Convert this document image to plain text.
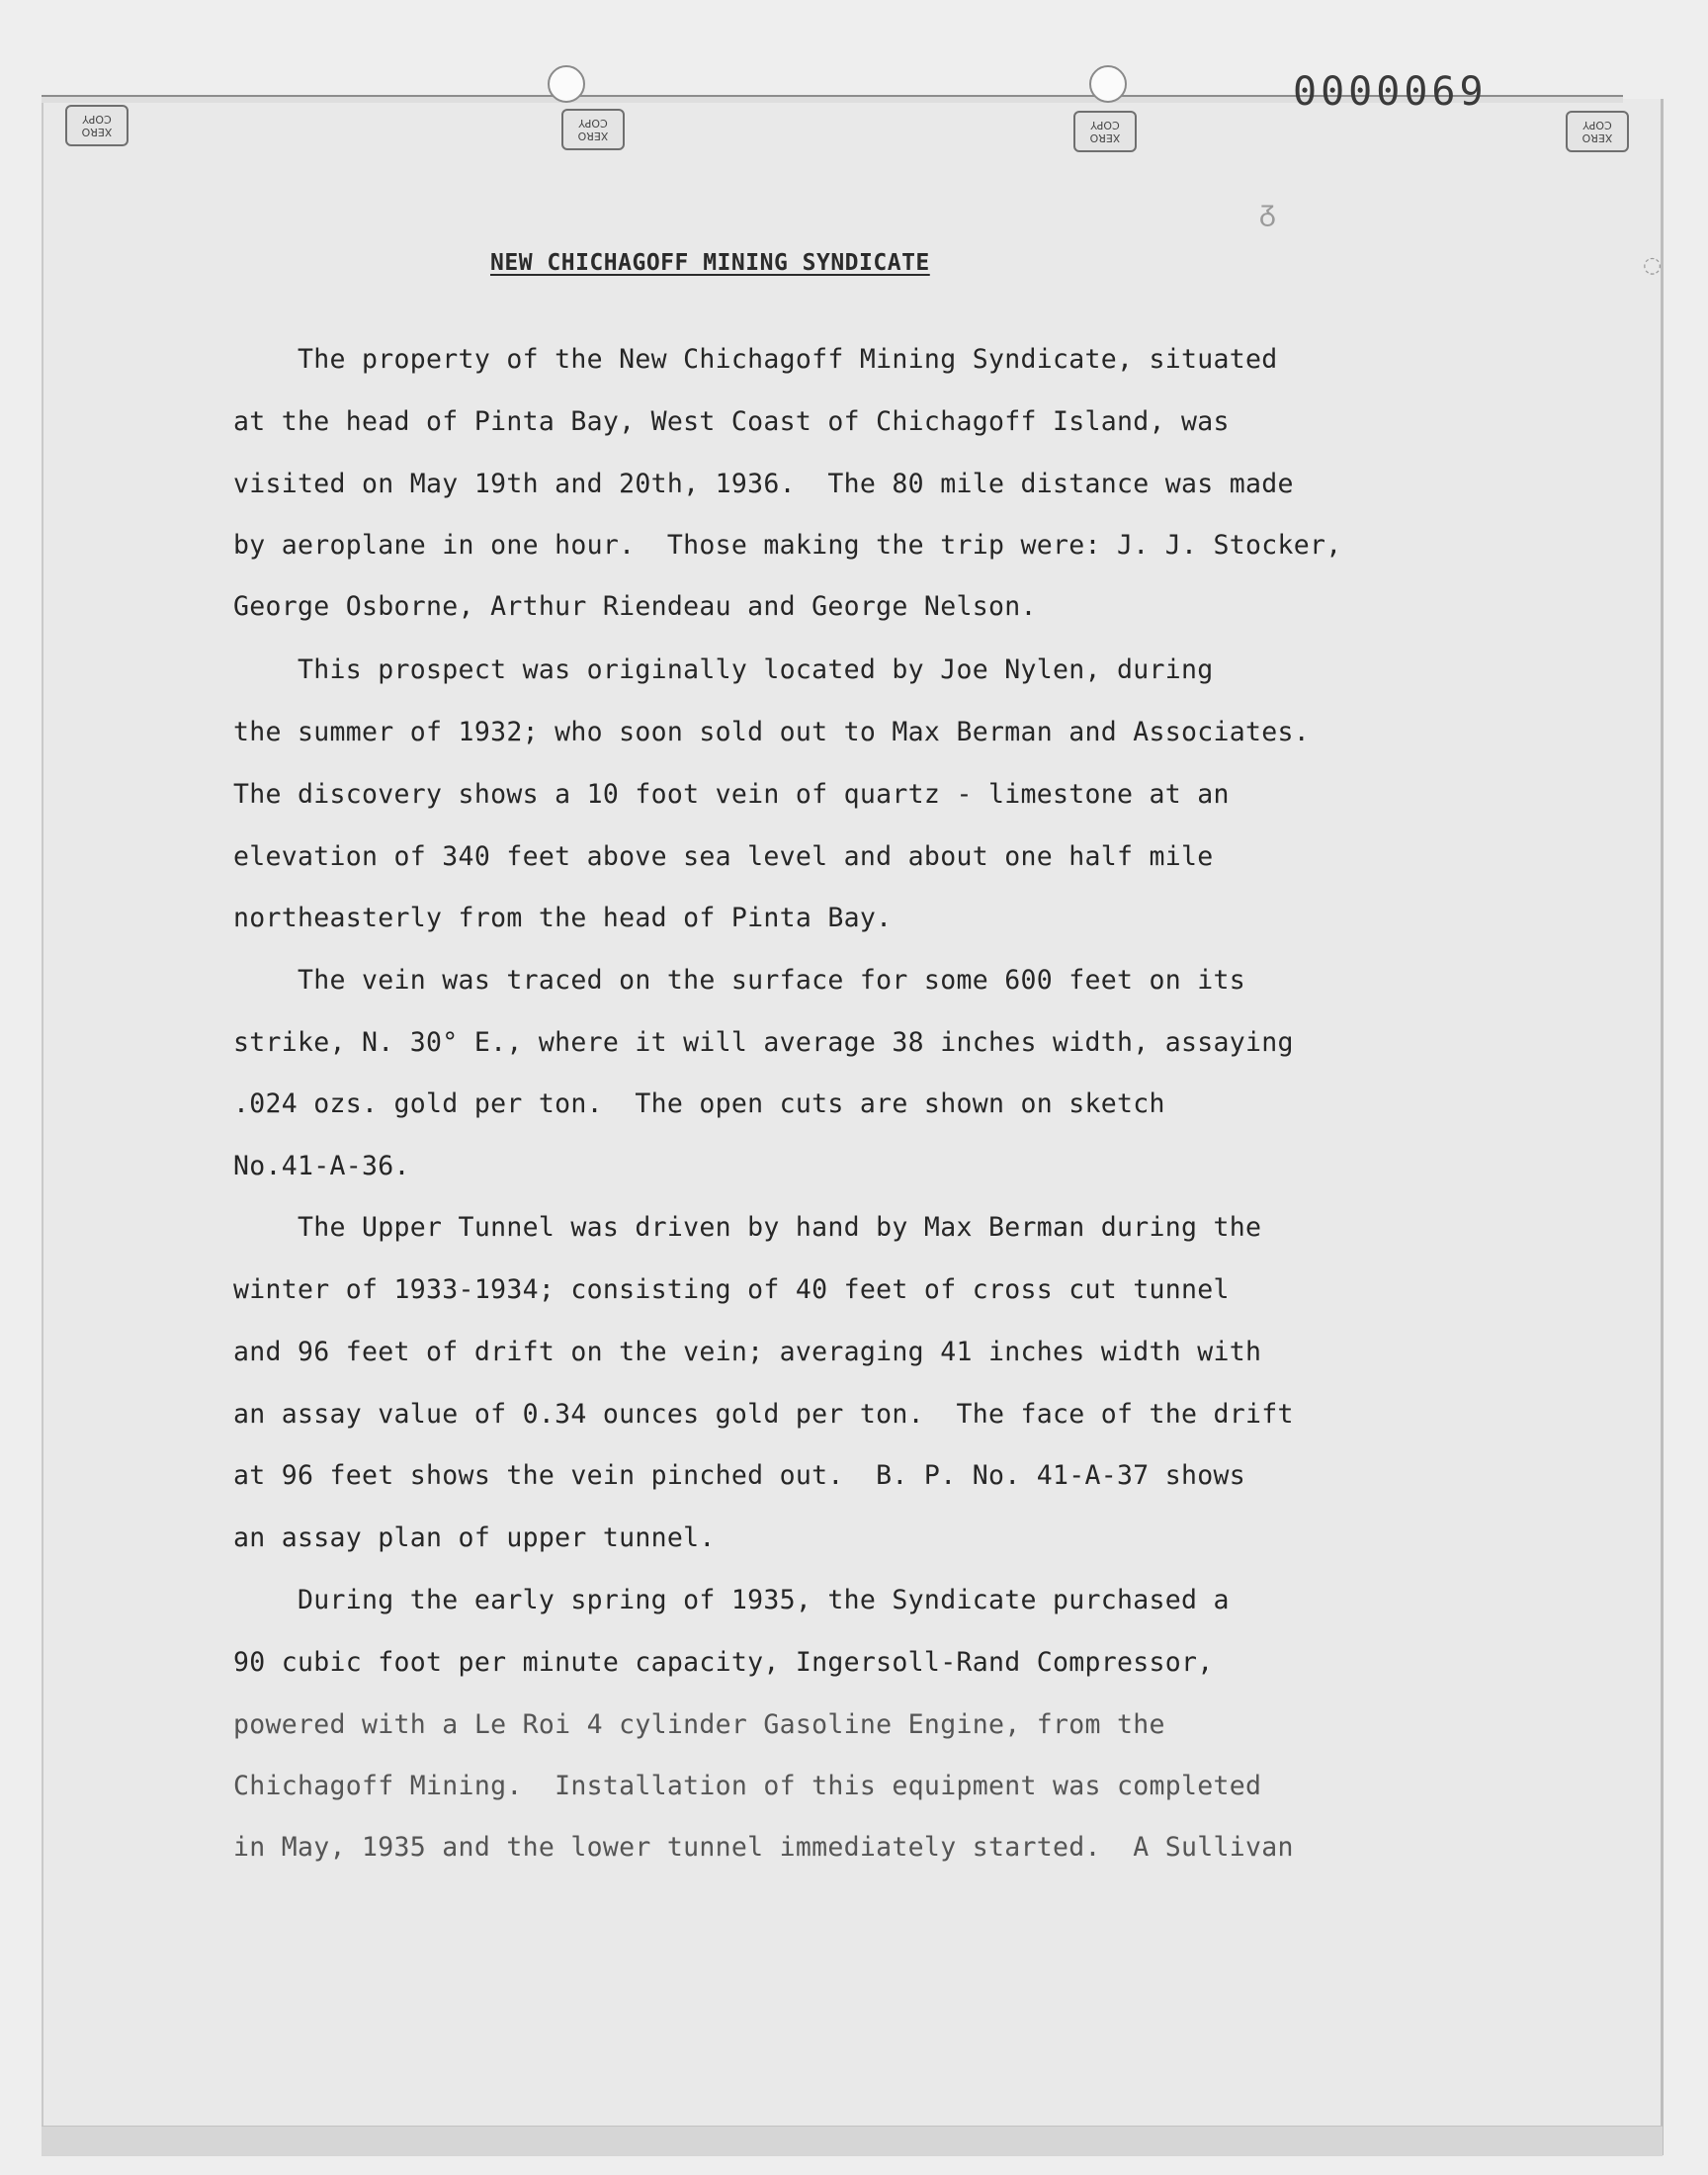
XERO
COPY
XERO
COPY
XERO
COPY
XERO
COPY
0000069
NEW CHICHAGOFF MINING SYNDICATE
The property of the New Chichagoff Mining Syndicate, situated
at the head of Pinta Bay, West Coast of Chichagoff Island, was
visited on May 19th and 20th, 1936.  The 80 mile distance was made
by aeroplane in one hour.  Those making the trip were: J. J. Stocker,
George Osborne, Arthur Riendeau and George Nelson.
This prospect was originally located by Joe Nylen, during
the summer of 1932; who soon sold out to Max Berman and Associates.
The discovery shows a 10 foot vein of quartz - limestone at an
elevation of 340 feet above sea level and about one half mile
northeasterly from the head of Pinta Bay.
The vein was traced on the surface for some 600 feet on its
strike, N. 30° E., where it will average 38 inches width, assaying
.024 ozs. gold per ton.  The open cuts are shown on sketch
No.41-A-36.
The Upper Tunnel was driven by hand by Max Berman during the
winter of 1933-1934; consisting of 40 feet of cross cut tunnel
and 96 feet of drift on the vein; averaging 41 inches width with
an assay value of 0.34 ounces gold per ton.  The face of the drift
at 96 feet shows the vein pinched out.  B. P. No. 41-A-37 shows
an assay plan of upper tunnel.
During the early spring of 1935, the Syndicate purchased a
90 cubic foot per minute capacity, Ingersoll-Rand Compressor,
powered with a Le Roi 4 cylinder Gasoline Engine, from the
Chichagoff Mining.  Installation of this equipment was completed
in May, 1935 and the lower tunnel immediately started.  A Sullivan
ᵹ
◌
